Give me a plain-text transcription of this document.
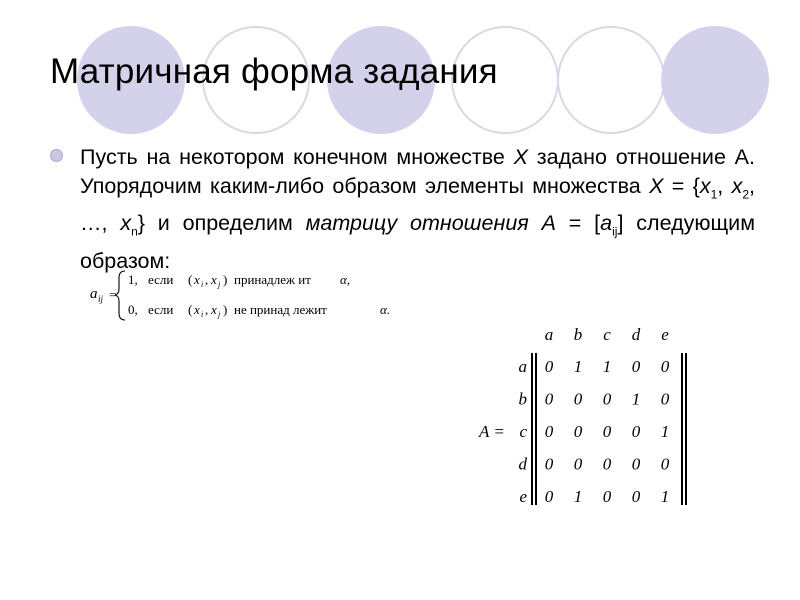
Матричная форма задания

Пусть на некотором конечном множестве X задано отношение А. Упорядочим каким-либо образом элементы множества $X = \{x_1$, $x_2$, …, $x_n$} и определим матрицу отношения $A = [a_{ij}]$ следующим образом:

a ij =
1, если ( x i , x j ) принадлеж ит α,
0, если ( x i , x j ) не принад лежит	α.
a b c d e
a
b
c
d
e
0 1 1 0 0
0 0 0 1 0
0 0 0 0 1
0 0 0 0 0
0 1 0 0 1
A =
